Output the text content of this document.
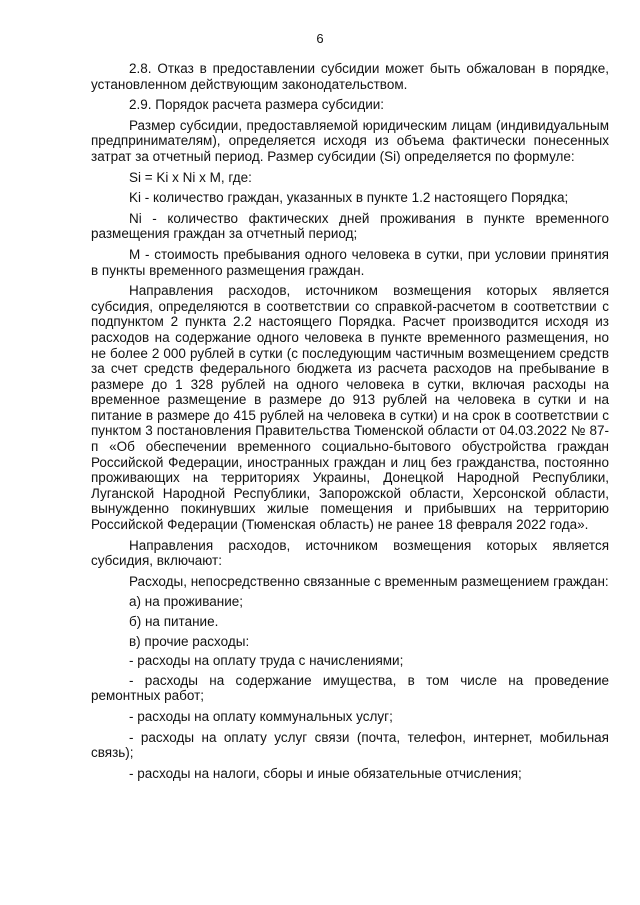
6

2.8. Отказ в предоставлении субсидии может быть обжалован в порядке, установленном действующим законодательством.

2.9. Порядок расчета размера субсидии:

Размер субсидии, предоставляемой юридическим лицам (индивидуальным предпринимателям), определяется исходя из объема фактически понесенных затрат за отчетный период. Размер субсидии (Si) определяется по формуле:

Si = Ki x Ni x M, где:

Ki - количество граждан, указанных в пункте 1.2 настоящего Порядка;

Ni - количество фактических дней проживания в пункте временного размещения граждан за отчетный период;

М - стоимость пребывания одного человека в сутки, при условии принятия в пункты временного размещения граждан.

Направления расходов, источником возмещения которых является субсидия, определяются в соответствии со справкой-расчетом в соответствии с подпунктом 2 пункта 2.2 настоящего Порядка. Расчет производится исходя из расходов на содержание одного человека в пункте временного размещения, но не более 2 000 рублей в сутки (с последующим частичным возмещением средств за счет средств федерального бюджета из расчета расходов на пребывание в размере до 1 328 рублей на одного человека в сутки, включая расходы на временное размещение в размере до 913 рублей на человека в сутки и на питание в размере до 415 рублей на человека в сутки) и на срок в соответствии с пунктом 3 постановления Правительства Тюменской области от 04.03.2022 № 87-п «Об обеспечении временного социально-бытового обустройства граждан Российской Федерации, иностранных граждан и лиц без гражданства, постоянно проживающих на территориях Украины, Донецкой Народной Республики, Луганской Народной Республики, Запорожской области, Херсонской области, вынужденно покинувших жилые помещения и прибывших на территорию Российской Федерации (Тюменская область) не ранее 18 февраля 2022 года».

Направления расходов, источником возмещения которых является субсидия, включают:

Расходы, непосредственно связанные с временным размещением граждан:

а) на проживание;

б) на питание.

в) прочие расходы:

- расходы на оплату труда с начислениями;

- расходы на содержание имущества, в том числе на проведение ремонтных работ;

- расходы на оплату коммунальных услуг;

- расходы на оплату услуг связи (почта, телефон, интернет, мобильная связь);

- расходы на налоги, сборы и иные обязательные отчисления;
